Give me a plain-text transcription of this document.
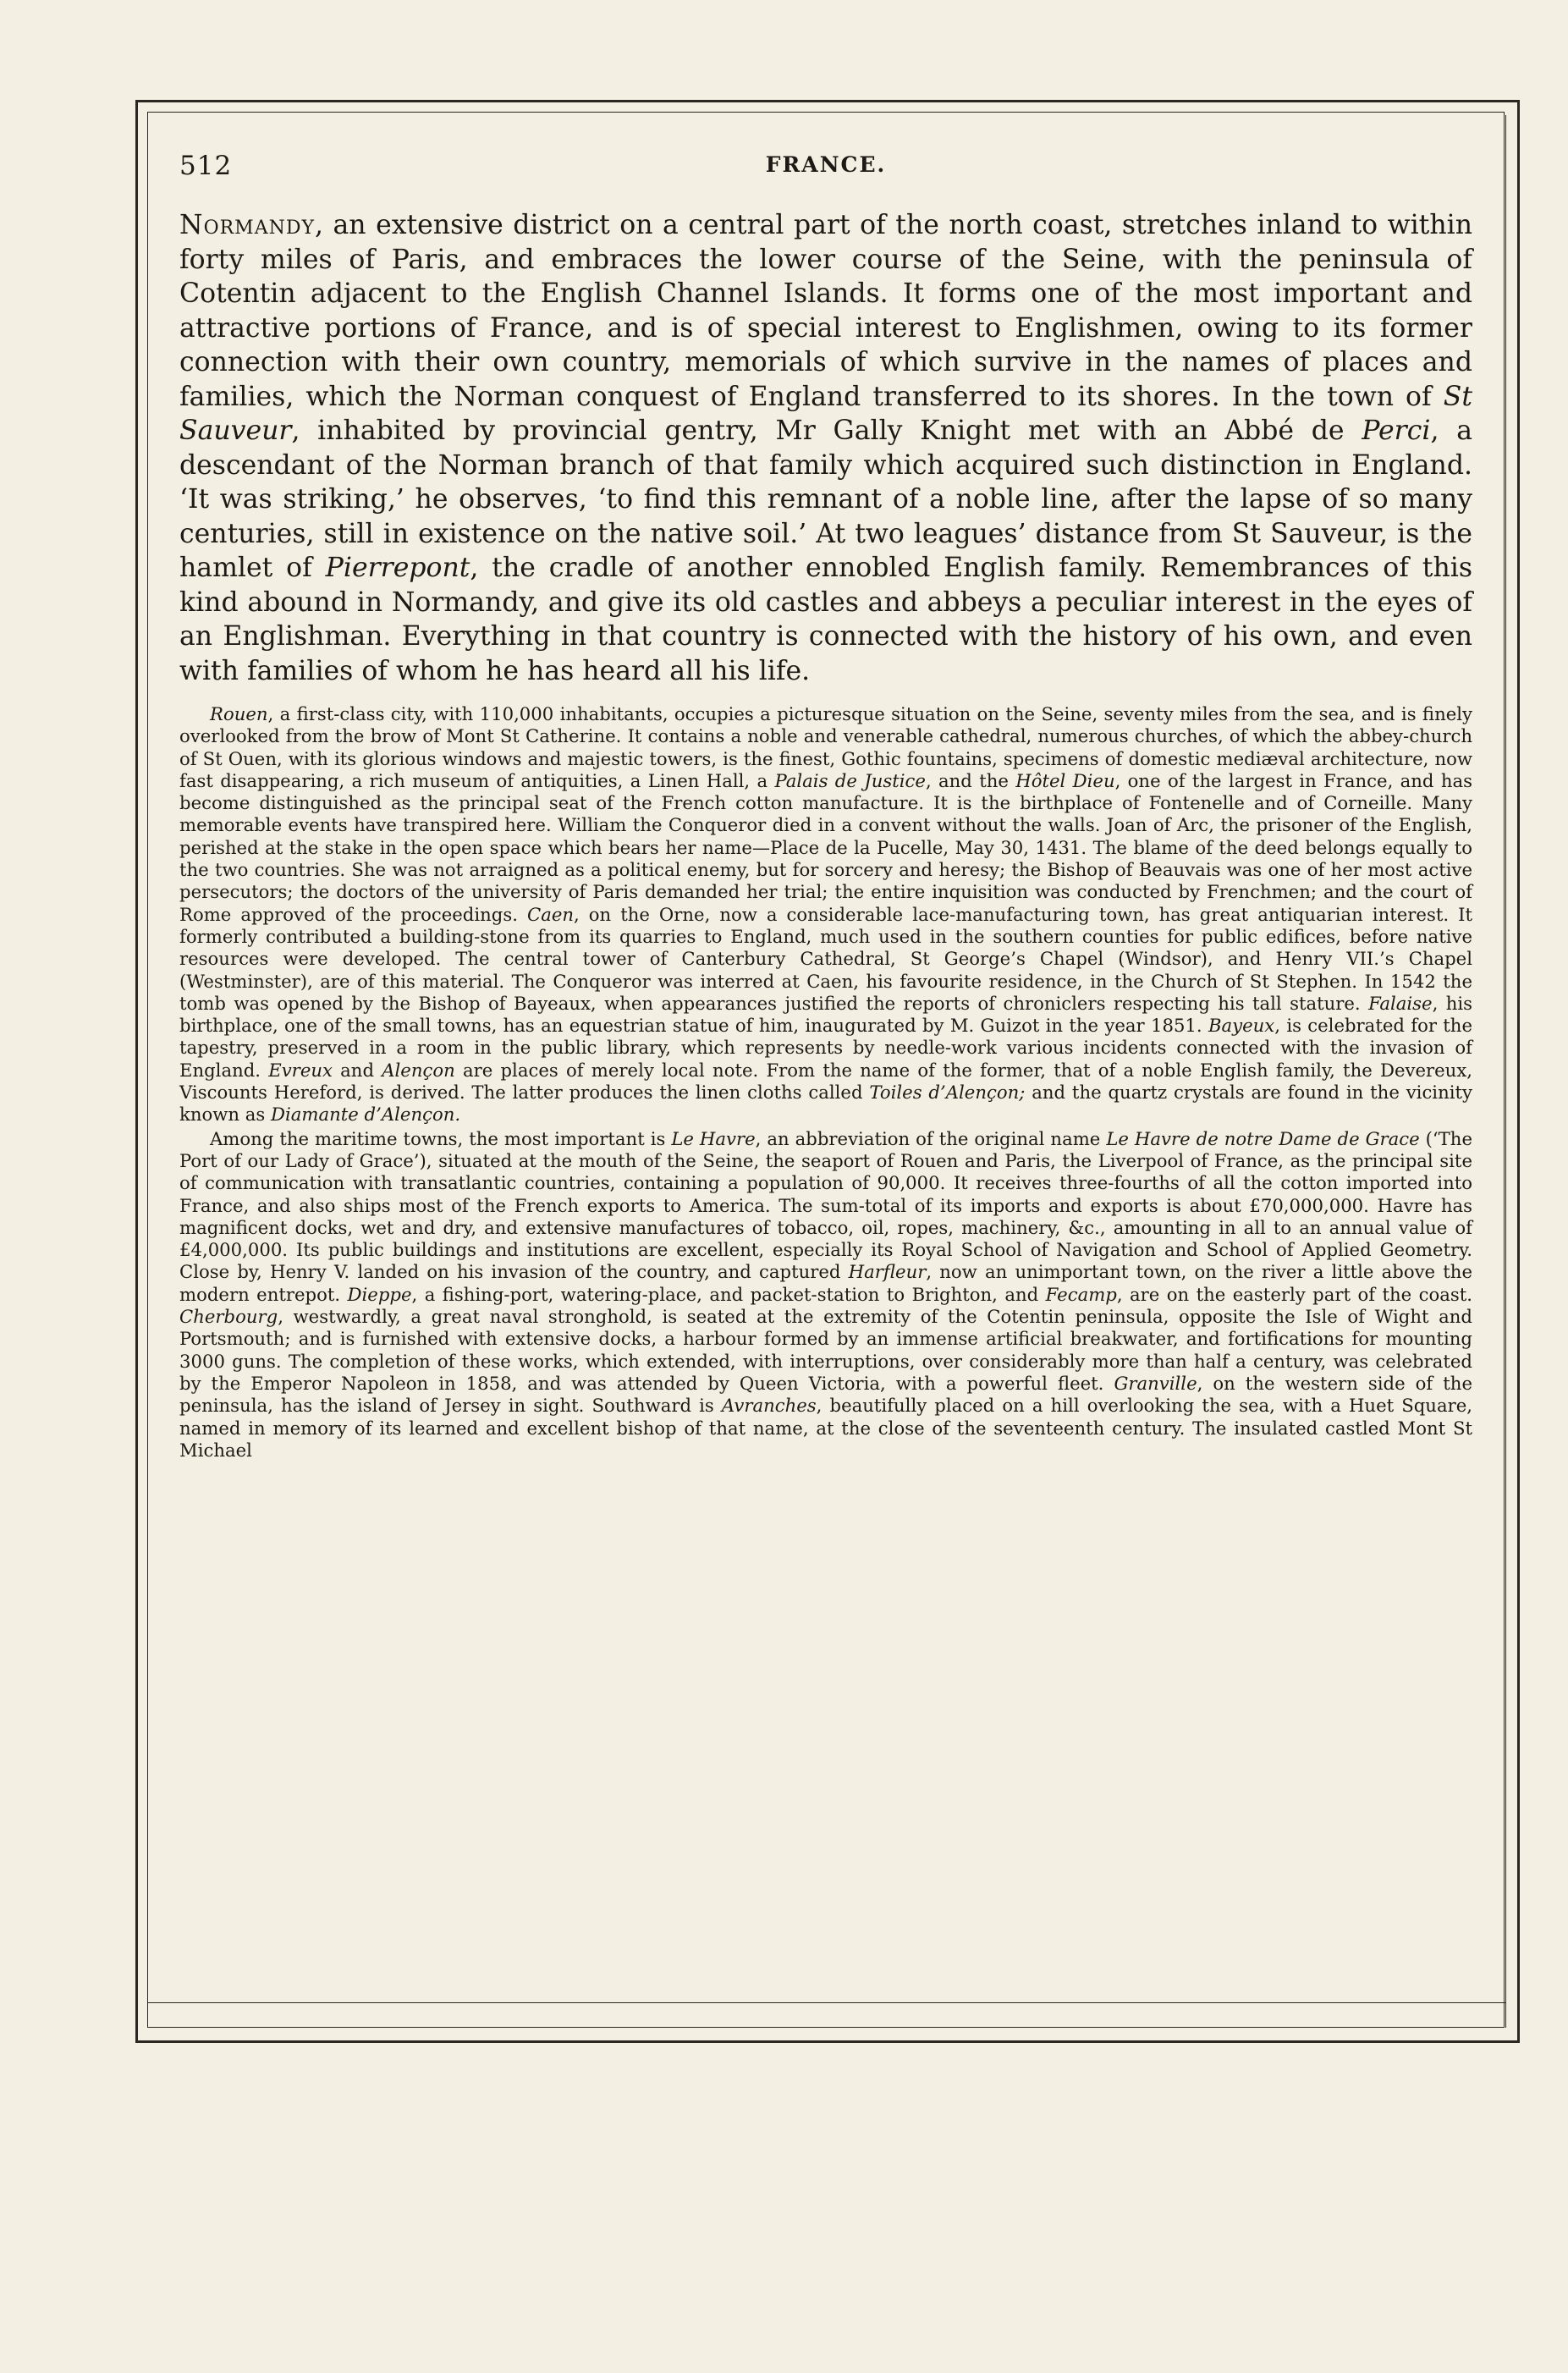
512	FRANCE.

Normandy, an extensive district on a central part of the north coast, stretches inland to within forty miles of Paris, and embraces the lower course of the Seine, with the peninsula of Cotentin adjacent to the English Channel Islands. It forms one of the most important and attractive portions of France, and is of special interest to Englishmen, owing to its former connection with their own country, memorials of which survive in the names of places and families, which the Norman conquest of England transferred to its shores. In the town of St Sauveur, inhabited by provincial gentry, Mr Gally Knight met with an Abbé de Perci, a descendant of the Norman branch of that family which acquired such distinction in England. ‘It was striking,’ he observes, ‘to find this remnant of a noble line, after the lapse of so many centuries, still in existence on the native soil.’ At two leagues’ distance from St Sauveur, is the hamlet of Pierrepont, the cradle of another ennobled English family. Remembrances of this kind abound in Normandy, and give its old castles and abbeys a peculiar interest in the eyes of an Englishman. Everything in that country is connected with the history of his own, and even with families of whom he has heard all his life.

Rouen, a first-class city, with 110,000 inhabitants, occupies a picturesque situation on the Seine, seventy miles from the sea, and is finely overlooked from the brow of Mont St Catherine. It contains a noble and venerable cathedral, numerous churches, of which the abbey-church of St Ouen, with its glorious windows and majestic towers, is the finest, Gothic fountains, specimens of domestic mediæval architecture, now fast disappearing, a rich museum of antiquities, a Linen Hall, a Palais de Justice, and the Hôtel Dieu, one of the largest in France, and has become distinguished as the principal seat of the French cotton manufacture. It is the birthplace of Fontenelle and of Corneille. Many memorable events have transpired here. William the Conqueror died in a convent without the walls. Joan of Arc, the prisoner of the English, perished at the stake in the open space which bears her name—Place de la Pucelle, May 30, 1431. The blame of the deed belongs equally to the two countries. She was not arraigned as a political enemy, but for sorcery and heresy; the Bishop of Beauvais was one of her most active persecutors; the doctors of the university of Paris demanded her trial; the entire inquisition was conducted by Frenchmen; and the court of Rome approved of the proceedings. Caen, on the Orne, now a considerable lace-manufacturing town, has great antiquarian interest. It formerly contributed a building-stone from its quarries to England, much used in the southern counties for public edifices, before native resources were developed. The central tower of Canterbury Cathedral, St George’s Chapel (Windsor), and Henry VII.’s Chapel (Westminster), are of this material. The Conqueror was interred at Caen, his favourite residence, in the Church of St Stephen. In 1542 the tomb was opened by the Bishop of Bayeaux, when appearances justified the reports of chroniclers respecting his tall stature. Falaise, his birthplace, one of the small towns, has an equestrian statue of him, inaugurated by M. Guizot in the year 1851. Bayeux, is celebrated for the tapestry, preserved in a room in the public library, which represents by needle-work various incidents connected with the invasion of England. Evreux and Alençon are places of merely local note. From the name of the former, that of a noble English family, the Devereux, Viscounts Hereford, is derived. The latter produces the linen cloths called Toiles d’Alençon; and the quartz crystals are found in the vicinity known as Diamante d’Alençon.

Among the maritime towns, the most important is Le Havre, an abbreviation of the original name Le Havre de notre Dame de Grace (‘The Port of our Lady of Grace’), situated at the mouth of the Seine, the seaport of Rouen and Paris, the Liverpool of France, as the principal site of communication with transatlantic countries, containing a population of 90,000. It receives three-fourths of all the cotton imported into France, and also ships most of the French exports to America. The sum-total of its imports and exports is about £70,000,000. Havre has magnificent docks, wet and dry, and extensive manufactures of tobacco, oil, ropes, machinery, &c., amounting in all to an annual value of £4,000,000. Its public buildings and institutions are excellent, especially its Royal School of Navigation and School of Applied Geometry. Close by, Henry V. landed on his invasion of the country, and captured Harfleur, now an unimportant town, on the river a little above the modern entrepot. Dieppe, a fishing-port, watering-place, and packet-station to Brighton, and Fecamp, are on the easterly part of the coast. Cherbourg, westwardly, a great naval stronghold, is seated at the extremity of the Cotentin peninsula, opposite the Isle of Wight and Portsmouth; and is furnished with extensive docks, a harbour formed by an immense artificial breakwater, and fortifications for mounting 3000 guns. The completion of these works, which extended, with interruptions, over considerably more than half a century, was celebrated by the Emperor Napoleon in 1858, and was attended by Queen Victoria, with a powerful fleet. Granville, on the western side of the peninsula, has the island of Jersey in sight. Southward is Avranches, beautifully placed on a hill overlooking the sea, with a Huet Square, named in memory of its learned and excellent bishop of that name, at the close of the seventeenth century. The insulated castled Mont St Michael
